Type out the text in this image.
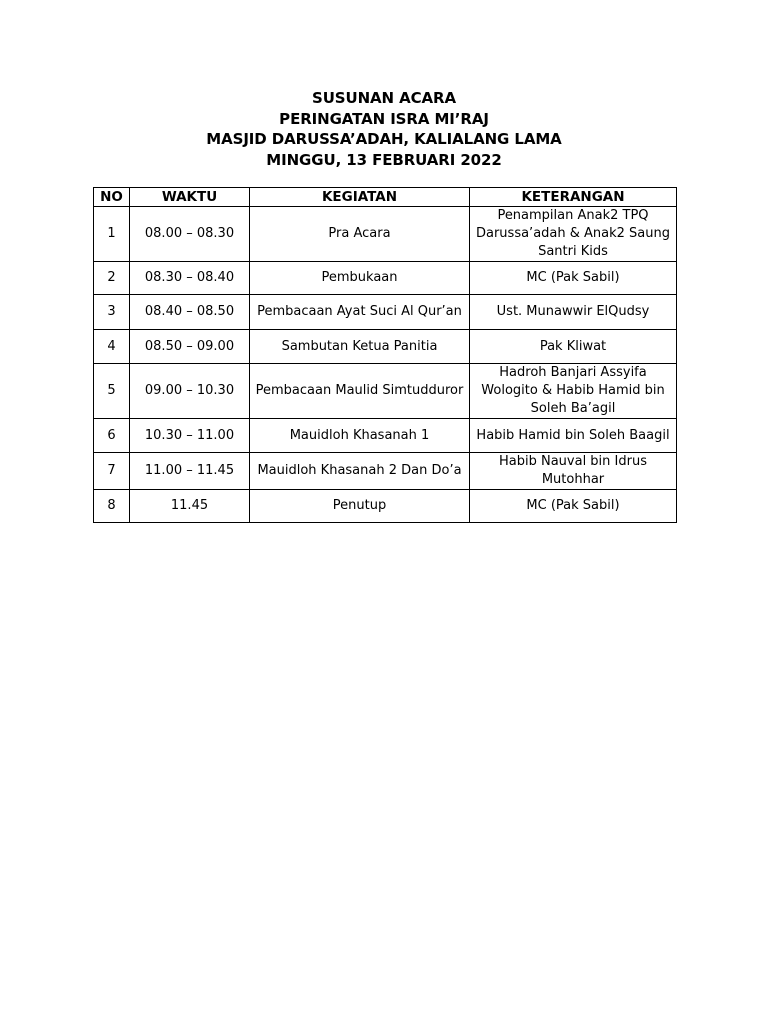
SUSUNAN ACARA
PERINGATAN ISRA MI’RAJ
MASJID DARUSSA’ADAH, KALIALANG LAMA
MINGGU, 13 FEBRUARI 2022
NO	WAKTU	KEGIATAN	KETERANGAN
1	08.00 – 08.30	Pra Acara	Penampilan Anak2 TPQ Darussa’adah & Anak2 Saung Santri Kids
2	08.30 – 08.40	Pembukaan	MC (Pak Sabil)
3	08.40 – 08.50	Pembacaan Ayat Suci Al Qur’an	Ust. Munawwir ElQudsy
4	08.50 – 09.00	Sambutan Ketua Panitia	Pak Kliwat
5	09.00 – 10.30	Pembacaan Maulid Simtudduror	Hadroh Banjari Assyifa Wologito & Habib Hamid bin Soleh Ba’agil
6	10.30 – 11.00	Mauidloh Khasanah 1	Habib Hamid bin Soleh Baagil
7	11.00 – 11.45	Mauidloh Khasanah 2 Dan Do’a	Habib Nauval bin Idrus Mutohhar
8	11.45	Penutup	MC (Pak Sabil)
